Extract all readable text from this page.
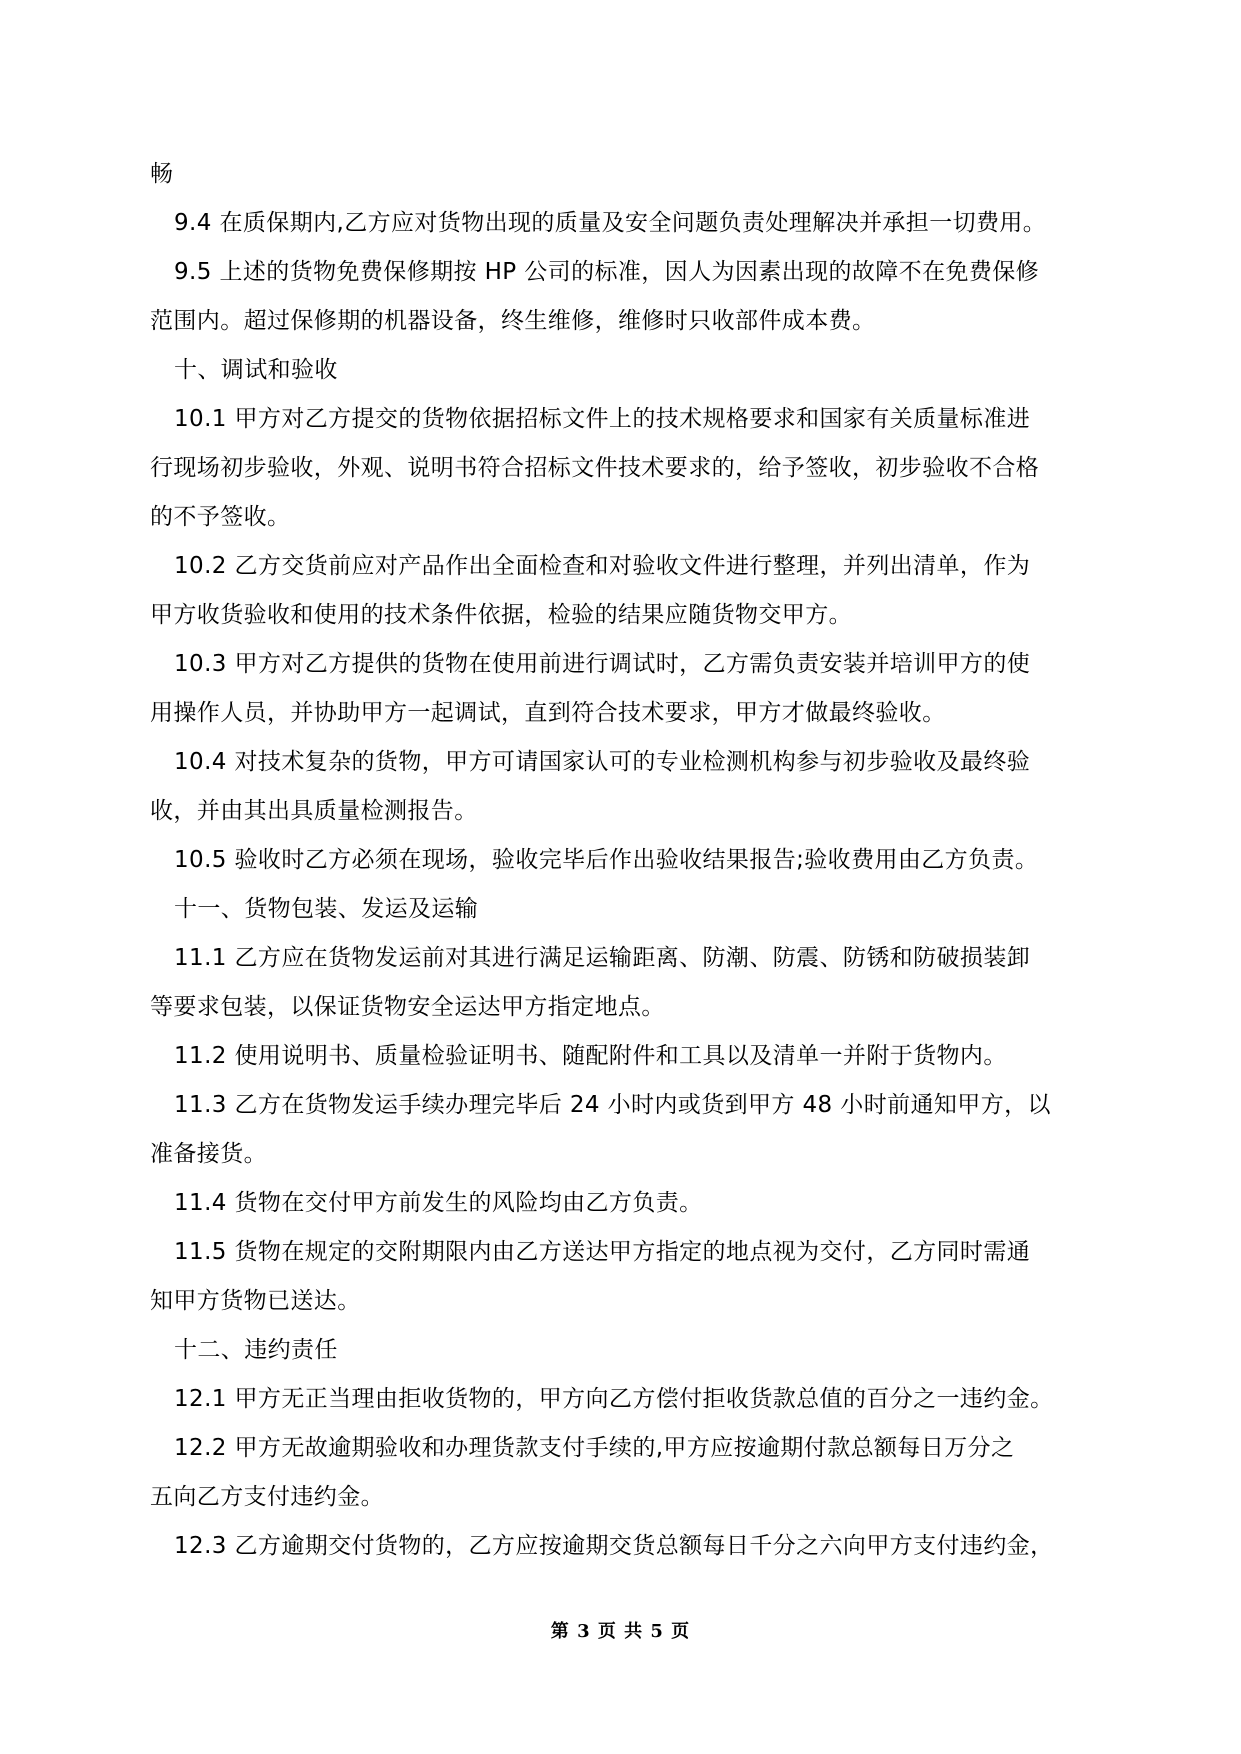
畅
9.4 在质保期内,乙方应对货物出现的质量及安全问题负责处理解决并承担一切费用。
9.5 上述的货物免费保修期按 HP 公司的标准，因人为因素出现的故障不在免费保修
范围内。超过保修期的机器设备，终生维修，维修时只收部件成本费。
十、调试和验收
10.1 甲方对乙方提交的货物依据招标文件上的技术规格要求和国家有关质量标准进
行现场初步验收，外观、说明书符合招标文件技术要求的，给予签收，初步验收不合格
的不予签收。
10.2 乙方交货前应对产品作出全面检查和对验收文件进行整理，并列出清单，作为
甲方收货验收和使用的技术条件依据，检验的结果应随货物交甲方。
10.3 甲方对乙方提供的货物在使用前进行调试时，乙方需负责安装并培训甲方的使
用操作人员，并协助甲方一起调试，直到符合技术要求，甲方才做最终验收。
10.4 对技术复杂的货物，甲方可请国家认可的专业检测机构参与初步验收及最终验
收，并由其出具质量检测报告。
10.5 验收时乙方必须在现场，验收完毕后作出验收结果报告;验收费用由乙方负责。
十一、货物包装、发运及运输
11.1 乙方应在货物发运前对其进行满足运输距离、防潮、防震、防锈和防破损装卸
等要求包装，以保证货物安全运达甲方指定地点。
11.2 使用说明书、质量检验证明书、随配附件和工具以及清单一并附于货物内。
11.3 乙方在货物发运手续办理完毕后 24 小时内或货到甲方 48 小时前通知甲方，以
准备接货。
11.4 货物在交付甲方前发生的风险均由乙方负责。
11.5 货物在规定的交附期限内由乙方送达甲方指定的地点视为交付，乙方同时需通
知甲方货物已送达。
十二、违约责任
12.1 甲方无正当理由拒收货物的，甲方向乙方偿付拒收货款总值的百分之一违约金。
12.2 甲方无故逾期验收和办理货款支付手续的,甲方应按逾期付款总额每日万分之
五向乙方支付违约金。
12.3 乙方逾期交付货物的，乙方应按逾期交货总额每日千分之六向甲方支付违约金，
第 3 页 共 5 页
